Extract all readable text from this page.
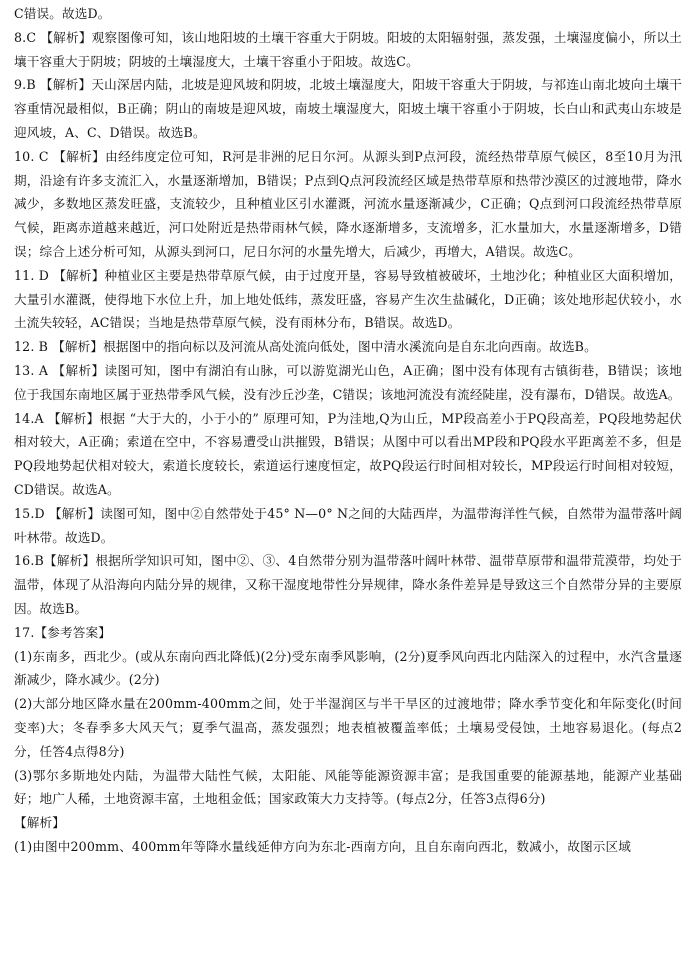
C错误。故选D。

8.C 【解析】观察图像可知，该山地阳坡的土壤干容重大于阴坡。阳坡的太阳辐射强，蒸发强，土壤湿度偏小，所以土壤干容重大于阴坡；阴坡的土壤湿度大，土壤干容重小于阳坡。故选C。

9.B 【解析】天山深居内陆，北坡是迎风坡和阴坡，北坡土壤湿度大，阳坡干容重大于阴坡，与祁连山南北坡向土壤干容重情况最相似，B正确；阴山的南坡是迎风坡，南坡土壤湿度大，阳坡土壤干容重小于阴坡，长白山和武夷山东坡是迎风坡，A、C、D错误。故选B。

10. C 【解析】由经纬度定位可知，R河是非洲的尼日尔河。从源头到P点河段，流经热带草原气候区，8至10月为汛期，沿途有许多支流汇入，水量逐渐增加，B错误；P点到Q点河段流经区域是热带草原和热带沙漠区的过渡地带，降水减少，多数地区蒸发旺盛，支流较少，且种植业区引水灌溉，河流水量逐渐减少，C正确；Q点到河口段流经热带草原气候，距离赤道越来越近，河口处附近是热带雨林气候，降水逐渐增多，支流增多，汇水量加大，水量逐渐增多，D错误；综合上述分析可知，从源头到河口，尼日尔河的水量先增大，后减少，再增大，A错误。故选C。

11. D 【解析】种植业区主要是热带草原气候，由于过度开垦，容易导致植被破坏，土地沙化；种植业区大面积增加，大量引水灌溉，使得地下水位上升，加上地处低纬，蒸发旺盛，容易产生次生盐碱化，D正确；该处地形起伏较小，水土流失较轻，AC错误；当地是热带草原气候，没有雨林分布，B错误。故选D。

12. B 【解析】根据图中的指向标以及河流从高处流向低处，图中清水溪流向是自东北向西南。故选B。

13. A 【解析】读图可知，图中有湖泊有山脉，可以游览湖光山色，A正确；图中没有体现有古镇街巷，B错误；该地位于我国东南地区属于亚热带季风气候，没有沙丘沙垄，C错误；该地河流没有流经陡崖，没有瀑布，D错误。故选A。

14.A 【解析】根据 “大于大的，小于小的” 原理可知，P为洼地,Q为山丘，MP段高差小于PQ段高差，PQ段地势起伏相对较大，A正确；索道在空中，不容易遭受山洪摧毁，B错误；从图中可以看出MP段和PQ段水平距离差不多，但是PQ段地势起伏相对较大，索道长度较长，索道运行速度恒定，故PQ段运行时间相对较长，MP段运行时间相对较短，CD错误。故选A。

15.D 【解析】读图可知，图中②自然带处于45° N—0° N之间的大陆西岸，为温带海洋性气候，自然带为温带落叶阔叶林带。故选D。

16.B【解析】根据所学知识可知，图中②、③、4自然带分别为温带落叶阔叶林带、温带草原带和温带荒漠带，均处于温带，体现了从沿海向内陆分异的规律，又称干湿度地带性分异规律，降水条件差异是导致这三个自然带分异的主要原因。故选B。

17.【参考答案】

(1)东南多，西北少。(或从东南向西北降低)(2分)受东南季风影响，(2分)夏季风向西北内陆深入的过程中，水汽含量逐渐减少，降水减少。(2分)

(2)大部分地区降水量在200mm-400mm之间，处于半湿润区与半干旱区的过渡地带；降水季节变化和年际变化(时间变率)大；冬春季多大风天气；夏季气温高，蒸发强烈；地表植被覆盖率低；土壤易受侵蚀，土地容易退化。(每点2分，任答4点得8分)

(3)鄂尔多斯地处内陆，为温带大陆性气候，太阳能、风能等能源资源丰富；是我国重要的能源基地，能源产业基础好；地广人稀，土地资源丰富，土地租金低；国家政策大力支持等。(每点2分，任答3点得6分)

【解析】

(1)由图中200mm、400mm年等降水量线延伸方向为东北-西南方向，且自东南向西北，数减小，故图示区域
